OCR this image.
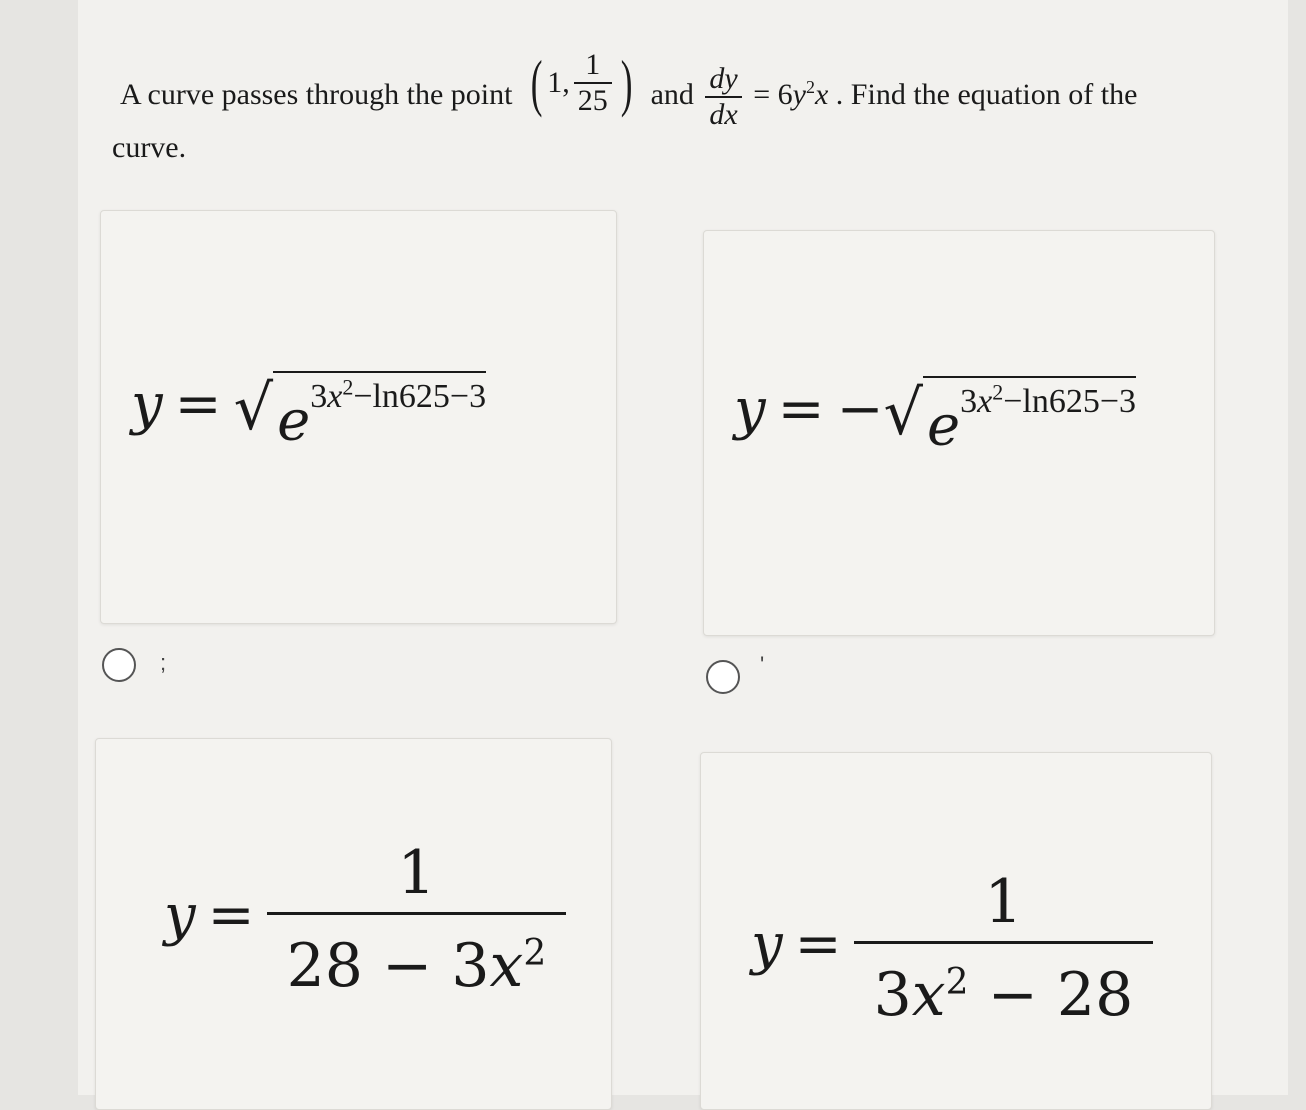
A curve passes through the point ( 1, $\frac{1}{25}$ ) and $\frac{dy}{dx} = 6y^2x$ . Find the equation of the
curve.
y = √ $e^{3x^2-ln625-3}$	y = − √ $e^{3x^2-ln625-3}$
;	'
$y = \frac{1}{28 - 3x^2}$	$y = \frac{1}{3x^2 - 28}$
